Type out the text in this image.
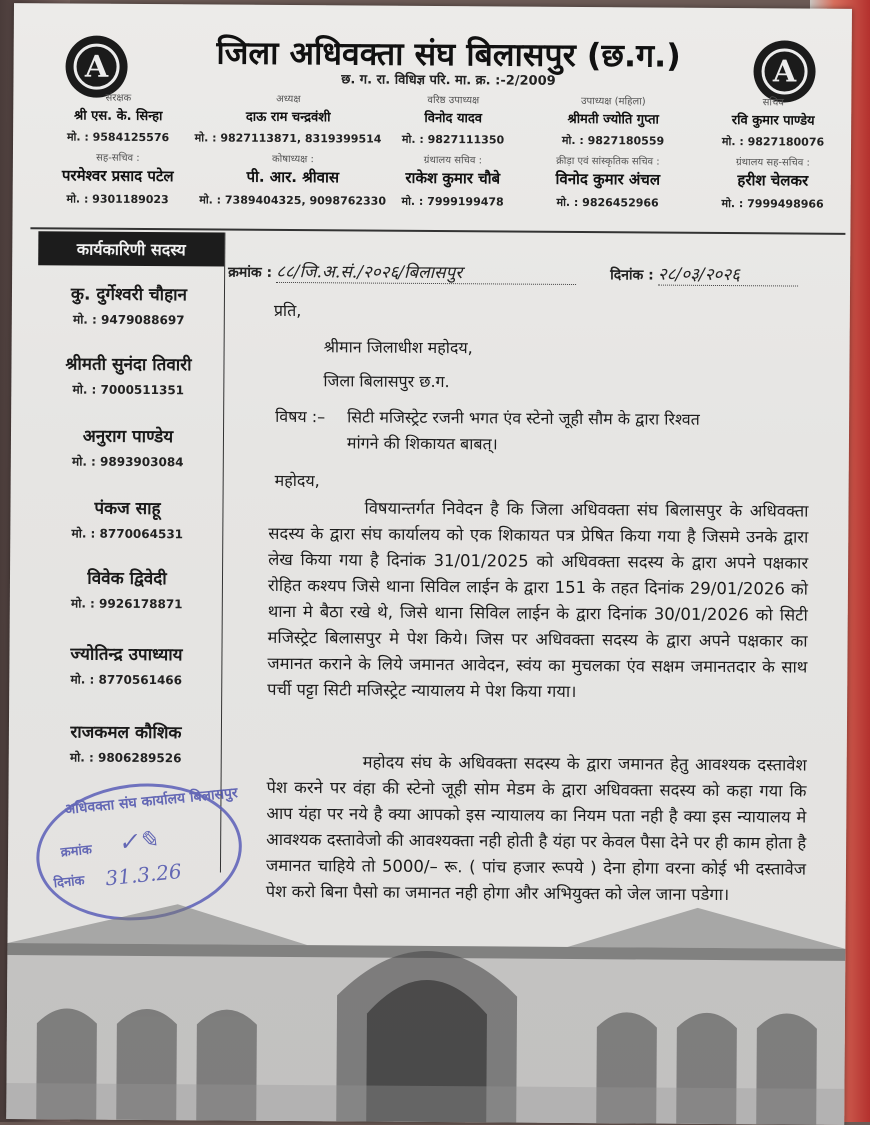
A	A
जिला अधिवक्ता संघ बिलासपुर (छ.ग.)
छ. ग. रा. विधिज्ञ परि. मा. क्र. :-2/2009
संरक्षक
श्री एस. के. सिन्हा
मो. : 9584125576
अध्यक्ष
दाऊ राम चन्द्रवंशी
मो. : 9827113871, 8319399514
वरिष्ठ उपाध्यक्ष
विनोद यादव
मो. : 9827111350
उपाध्यक्ष (महिला)
श्रीमती ज्योति गुप्ता
मो. : 9827180559
सचिव
रवि कुमार पाण्डेय
मो. : 9827180076
सह-सचिव :
परमेश्वर प्रसाद पटेल
मो. : 9301189023
कोषाध्यक्ष :
पी. आर. श्रीवास
मो. : 7389404325, 9098762330
ग्रंथालय सचिव :
राकेश कुमार चौबे
मो. : 7999199478
क्रीड़ा एवं सांस्कृतिक सचिव :
विनोद कुमार अंचल
मो. : 9826452966
ग्रंथालय सह-सचिव :
हरीश चेलकर
मो. : 7999498966
कार्यकारिणी सदस्य
कु. दुर्गेश्वरी चौहान
मो. : 9479088697
श्रीमती सुनंदा तिवारी
मो. : 7000511351
अनुराग पाण्डेय
मो. : 9893903084
पंकज साहू
मो. : 8770064531
विवेक द्विवेदी
मो. : 9926178871
ज्योतिन्द्र उपाध्याय
मो. : 8770561466
राजकमल कौशिक
मो. : 9806289526
क्रमांक : ८८/जि.अ.सं./२०२६/बिलासपुर	दिनांक : २८/०३/२०२६
प्रति,
श्रीमान जिलाधीश महोदय,
जिला बिलासपुर छ.ग.
विषय :– सिटी मजिस्ट्रेट रजनी भगत एंव स्टेनो जूही सौम के द्वारा रिश्वत
मांगने की शिकायत बाबत्।
महोदय,
विषयान्तर्गत निवेदन है कि जिला अधिवक्ता संघ बिलासपुर के अधिवक्ता सदस्य के द्वारा संघ कार्यालय को एक शिकायत पत्र प्रेषित किया गया है जिसमे उनके द्वारा लेख किया गया है दिनांक 31/01/2025 को अधिवक्ता सदस्य के द्वारा अपने पक्षकार रोहित कश्यप जिसे थाना सिविल लाईन के द्वारा 151 के तहत दिनांक 29/01/2026 को थाना मे बैठा रखे थे, जिसे थाना सिविल लाईन के द्वारा दिनांक 30/01/2026 को सिटी मजिस्ट्रेट बिलासपुर मे पेश किये। जिस पर अधिवक्ता सदस्य के द्वारा अपने पक्षकार का जमानत कराने के लिये जमानत आवेदन, स्वंय का मुचलका एंव सक्षम जमानतदार के साथ पर्ची पट्टा सिटी मजिस्ट्रेट न्यायालय मे पेश किया गया।
महोदय संघ के अधिवक्ता सदस्य के द्वारा जमानत हेतु आवश्यक दस्तावेश पेश करने पर वंहा की स्टेनो जूही सोम मेडम के द्वारा अधिवक्ता सदस्य को कहा गया कि आप यंहा पर नये है क्या आपको इस न्यायालय का नियम पता नही है क्या इस न्यायालय मे आवश्यक दस्तावेजो की आवश्यक्ता नही होती है यंहा पर केवल पैसा देने पर ही काम होता है जमानत चाहिये तो 5000/– रू. ( पांच हजार रूपये ) देना होगा वरना कोई भी दस्तावेज पेश करो बिना पैसो का जमानत नही होगा और अभियुक्त को जेल जाना पडेगा।
अधिवक्ता संघ कार्यालय बिलासपुर
क्रमांक
दिनांक
✓✎
31.3.26
